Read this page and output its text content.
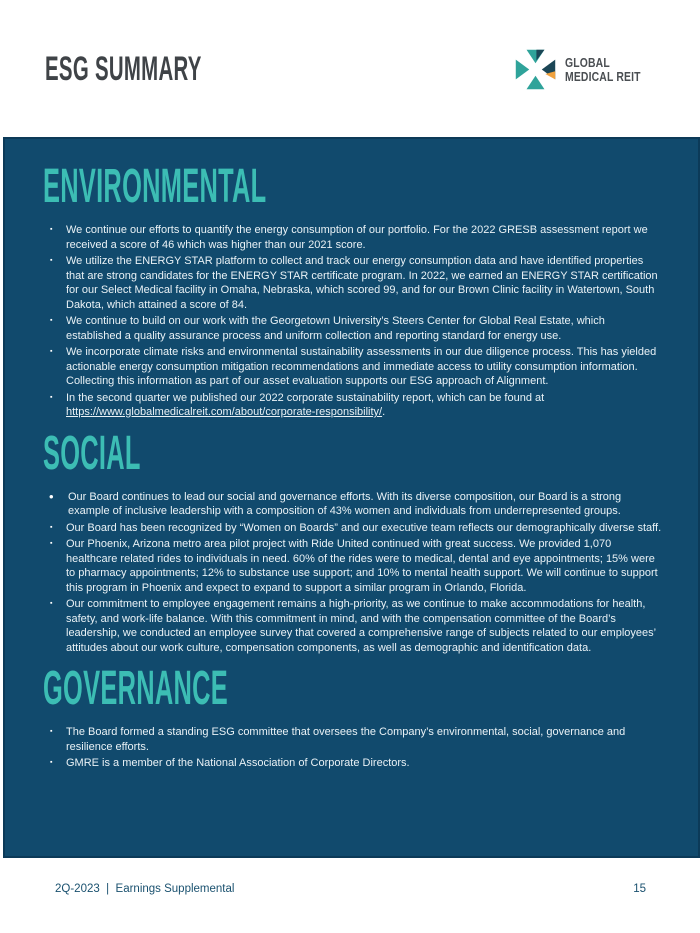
ESG SUMMARY	GLOBAL
MEDICAL REIT
ENVIRONMENTAL
▪ We continue our efforts to quantify the energy consumption of our portfolio. For the 2022 GRESB assessment report we received a score of 46 which was higher than our 2021 score.
▪ We utilize the ENERGY STAR platform to collect and track our energy consumption data and have identified properties that are strong candidates for the ENERGY STAR certificate program. In 2022, we earned an ENERGY STAR certification for our Select Medical facility in Omaha, Nebraska, which scored 99, and for our Brown Clinic facility in Watertown, South Dakota, which attained a score of 84.
▪ We continue to build on our work with the Georgetown University’s Steers Center for Global Real Estate, which established a quality assurance process and uniform collection and reporting standard for energy use.
▪ We incorporate climate risks and environmental sustainability assessments in our due diligence process. This has yielded actionable energy consumption mitigation recommendations and immediate access to utility consumption information. Collecting this information as part of our asset evaluation supports our ESG approach of Alignment.
▪ In the second quarter we published our 2022 corporate sustainability report, which can be found at https://www.globalmedicalreit.com/about/corporate-responsibility/.
SOCIAL
• Our Board continues to lead our social and governance efforts. With its diverse composition, our Board is a strong example of inclusive leadership with a composition of 43% women and individuals from underrepresented groups.
▪ Our Board has been recognized by “Women on Boards” and our executive team reflects our demographically diverse staff.
▪ Our Phoenix, Arizona metro area pilot project with Ride United continued with great success. We provided 1,070 healthcare related rides to individuals in need. 60% of the rides were to medical, dental and eye appointments; 15% were to pharmacy appointments; 12% to substance use support; and 10% to mental health support. We will continue to support this program in Phoenix and expect to expand to support a similar program in Orlando, Florida.
▪ Our commitment to employee engagement remains a high-priority, as we continue to make accommodations for health, safety, and work-life balance. With this commitment in mind, and with the compensation committee of the Board’s leadership, we conducted an employee survey that covered a comprehensive range of subjects related to our employees’ attitudes about our work culture, compensation components, as well as demographic and identification data.
GOVERNANCE
▪ The Board formed a standing ESG committee that oversees the Company’s environmental, social, governance and resilience efforts.
▪ GMRE is a member of the National Association of Corporate Directors.
2Q-2023  |  Earnings Supplemental	15
